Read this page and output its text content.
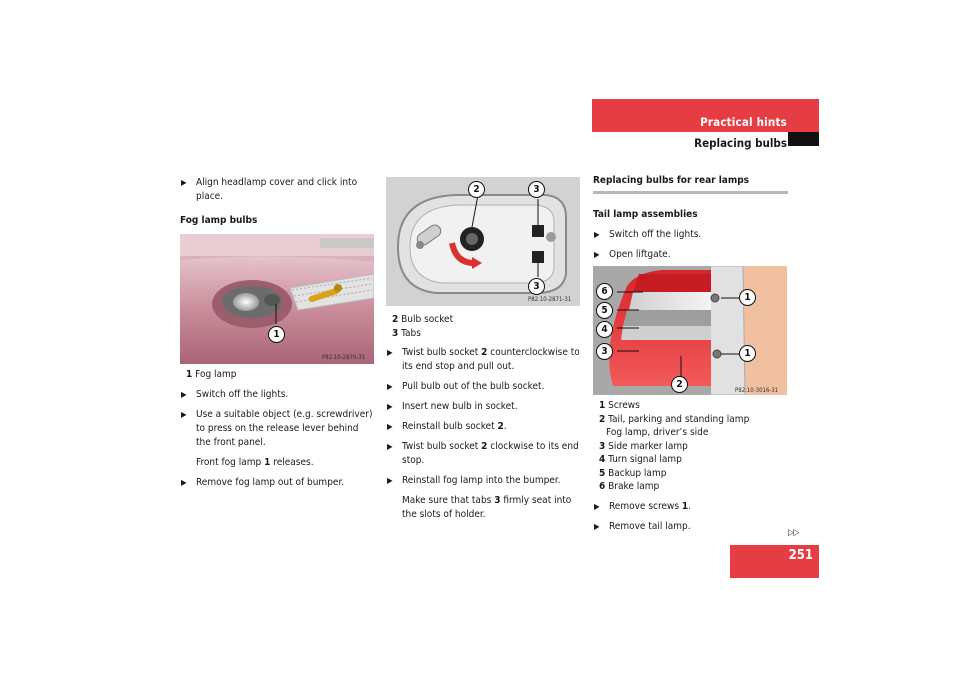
Practical hints
Replacing bulbs
▶ Align headlamp cover and click into place.
Fog lamp bulbs
1
P82.10-2870-31
1 Fog lamp
▶ Switch off the lights.
▶ Use a suitable object (e.g. screwdriver) to press on the release lever behind the front panel.
Front fog lamp 1 releases.
▶ Remove fog lamp out of bumper.
2	3
3
P82.10-2871-31
2 Bulb socket
3 Tabs
▶ Twist bulb socket 2 counterclockwise to its end stop and pull out.
▶ Pull bulb out of the bulb socket.
▶ Insert new bulb in socket.
▶ Reinstall bulb socket 2.
▶ Twist bulb socket 2 clockwise to its end stop.
▶ Reinstall fog lamp into the bumper.
Make sure that tabs 3 firmly seat into the slots of holder.
Replacing bulbs for rear lamps
Tail lamp assemblies
▶ Switch off the lights.
▶ Open liftgate.
6
5
4
3
1
1
2
P82.10-3016-31
1 Screws
2 Tail, parking and standing lamp
Fog lamp, driver’s side
3 Side marker lamp
4 Turn signal lamp
5 Backup lamp
6 Brake lamp
▶ Remove screws 1.
▶ Remove tail lamp.
▷▷
251
